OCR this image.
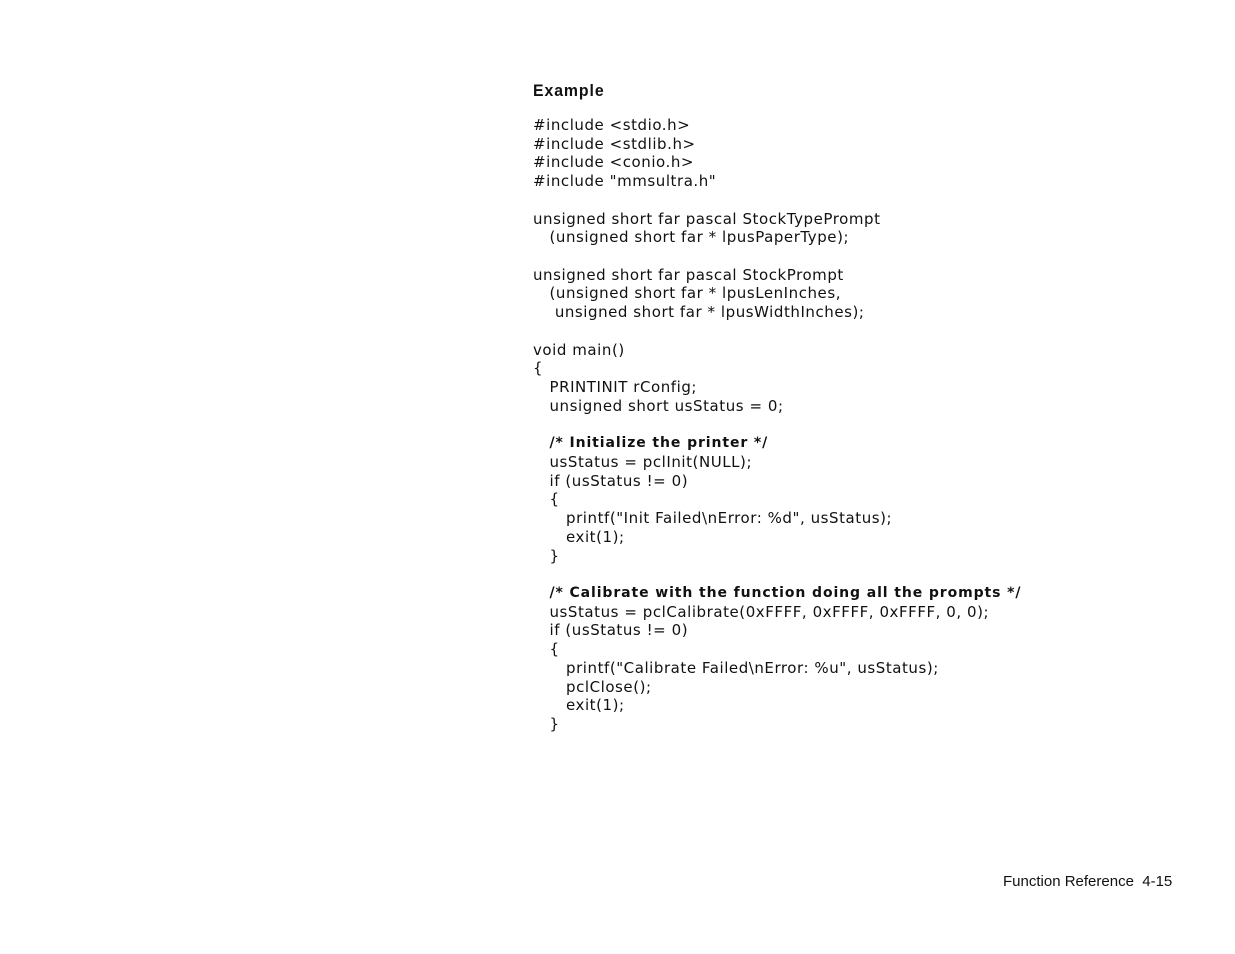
Example
#include <stdio.h>
#include <stdlib.h>
#include <conio.h>
#include "mmsultra.h"
unsigned short far pascal StockTypePrompt
(unsigned short far * lpusPaperType);
unsigned short far pascal StockPrompt
(unsigned short far * lpusLenInches,
unsigned short far * lpusWidthInches);
void main()
{
PRINTINIT rConfig;
unsigned short usStatus = 0;
/* Initialize the printer */
usStatus = pclInit(NULL);
if (usStatus != 0)
{
printf("Init Failed\nError: %d", usStatus);
exit(1);
}
/* Calibrate with the function doing all the prompts */
usStatus = pclCalibrate(0xFFFF, 0xFFFF, 0xFFFF, 0, 0);
if (usStatus != 0)
{
printf("Calibrate Failed\nError: %u", usStatus);
pclClose();
exit(1);
}
Function Reference  4-15
